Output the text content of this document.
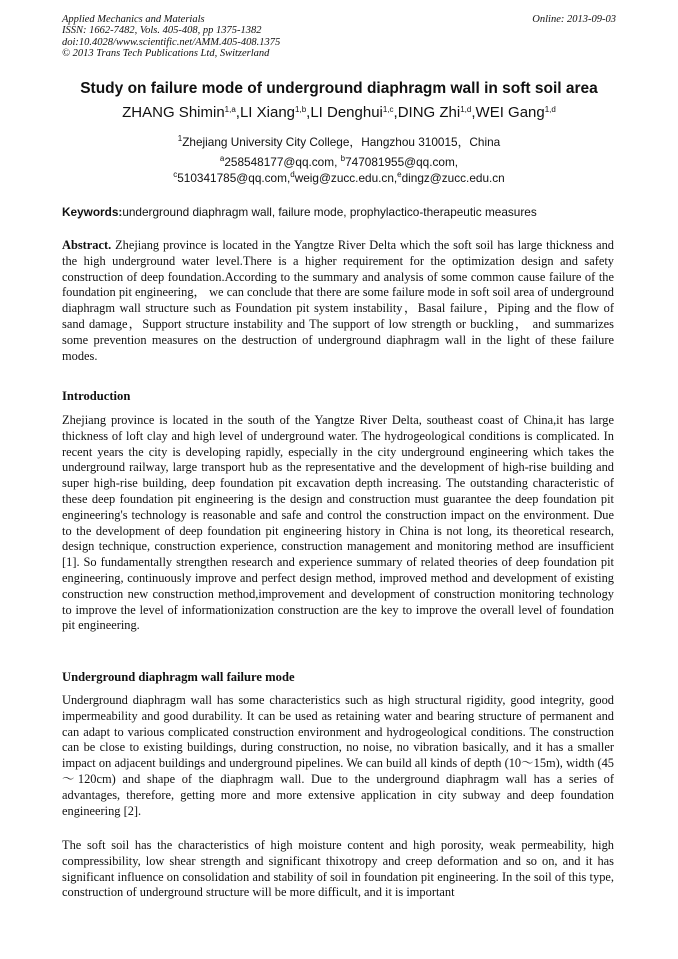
Applied Mechanics and Materials
ISSN: 1662-7482, Vols. 405-408, pp 1375-1382
doi:10.4028/www.scientific.net/AMM.405-408.1375
© 2013 Trans Tech Publications Ltd, Switzerland
Online: 2013-09-03
Study on failure mode of underground diaphragm wall in soft soil area
ZHANG Shimin$^{1,a}$,LI Xiang$^{1,b}$,LI Denghui$^{1,c}$,DING Zhi$^{1,d}$,WEI Gang$^{1,d}$
$^1$Zhejiang University City College，Hangzhou 310015，China
$^a$258548177@qq.com, $^b$747081955@qq.com,
$^c$510341785@qq.com,$^d$weig@zucc.edu.cn,$^e$dingz@zucc.edu.cn
Keywords:underground diaphragm wall, failure mode, prophylactico-therapeutic measures

Abstract. Zhejiang province is located in the Yangtze River Delta which the soft soil has large thickness and the high underground water level.There is a higher requirement for the optimization design and safety construction of deep foundation.According to the summary and analysis of some common cause failure of the foundation pit engineering， we can conclude that there are some failure mode in soft soil area of underground diaphragm wall structure such as Foundation pit system instability，Basal failure，Piping and the flow of sand damage，Support structure instability and The support of low strength or buckling， and summarizes some prevention measures on the destruction of underground diaphragm wall in the light of these failure modes.

Introduction

Zhejiang province is located in the south of the Yangtze River Delta, southeast coast of China,it has large thickness of loft clay and high level of underground water. The hydrogeological conditions is complicated. In recent years the city is developing rapidly, especially in the city underground engineering which takes the underground railway, large transport hub as the representative and the development of high-rise building and super high-rise building, deep foundation pit excavation depth increasing. The outstanding characteristic of these deep foundation pit engineering is the design and construction must guarantee the deep foundation pit engineering's technology is reasonable and safe and control the construction impact on the environment. Due to the development of deep foundation pit engineering history in China is not long, its theoretical research, design technique, construction experience, construction management and monitoring method are insufficient [1]. So fundamentally strengthen research and experience summary of related theories of deep foundation pit engineering, continuously improve and perfect design method, improved method and development of existing construction new construction method,improvement and development of construction monitoring technology to improve the level of informationization construction are the key to improve the overall level of foundation pit engineering.

Underground diaphragm wall failure mode

Underground diaphragm wall has some characteristics such as high structural rigidity, good integrity, good impermeability and good durability. It can be used as retaining water and bearing structure of permanent and can adapt to various complicated construction environment and hydrogeological conditions. The construction can be close to existing buildings, during construction, no noise, no vibration basically, and it has a smaller impact on adjacent buildings and underground pipelines. We can build all kinds of depth (10～15m), width (45～120cm) and shape of the diaphragm wall. Due to the underground diaphragm wall has a series of advantages, therefore, getting more and more extensive application in city subway and deep foundation engineering [2].

The soft soil has the characteristics of high moisture content and high porosity, weak permeability, high compressibility, low shear strength and significant thixotropy and creep deformation and so on, and it has significant influence on consolidation and stability of soil in foundation pit engineering. In the soil of this type, construction of underground structure will be more difficult, and it is important
